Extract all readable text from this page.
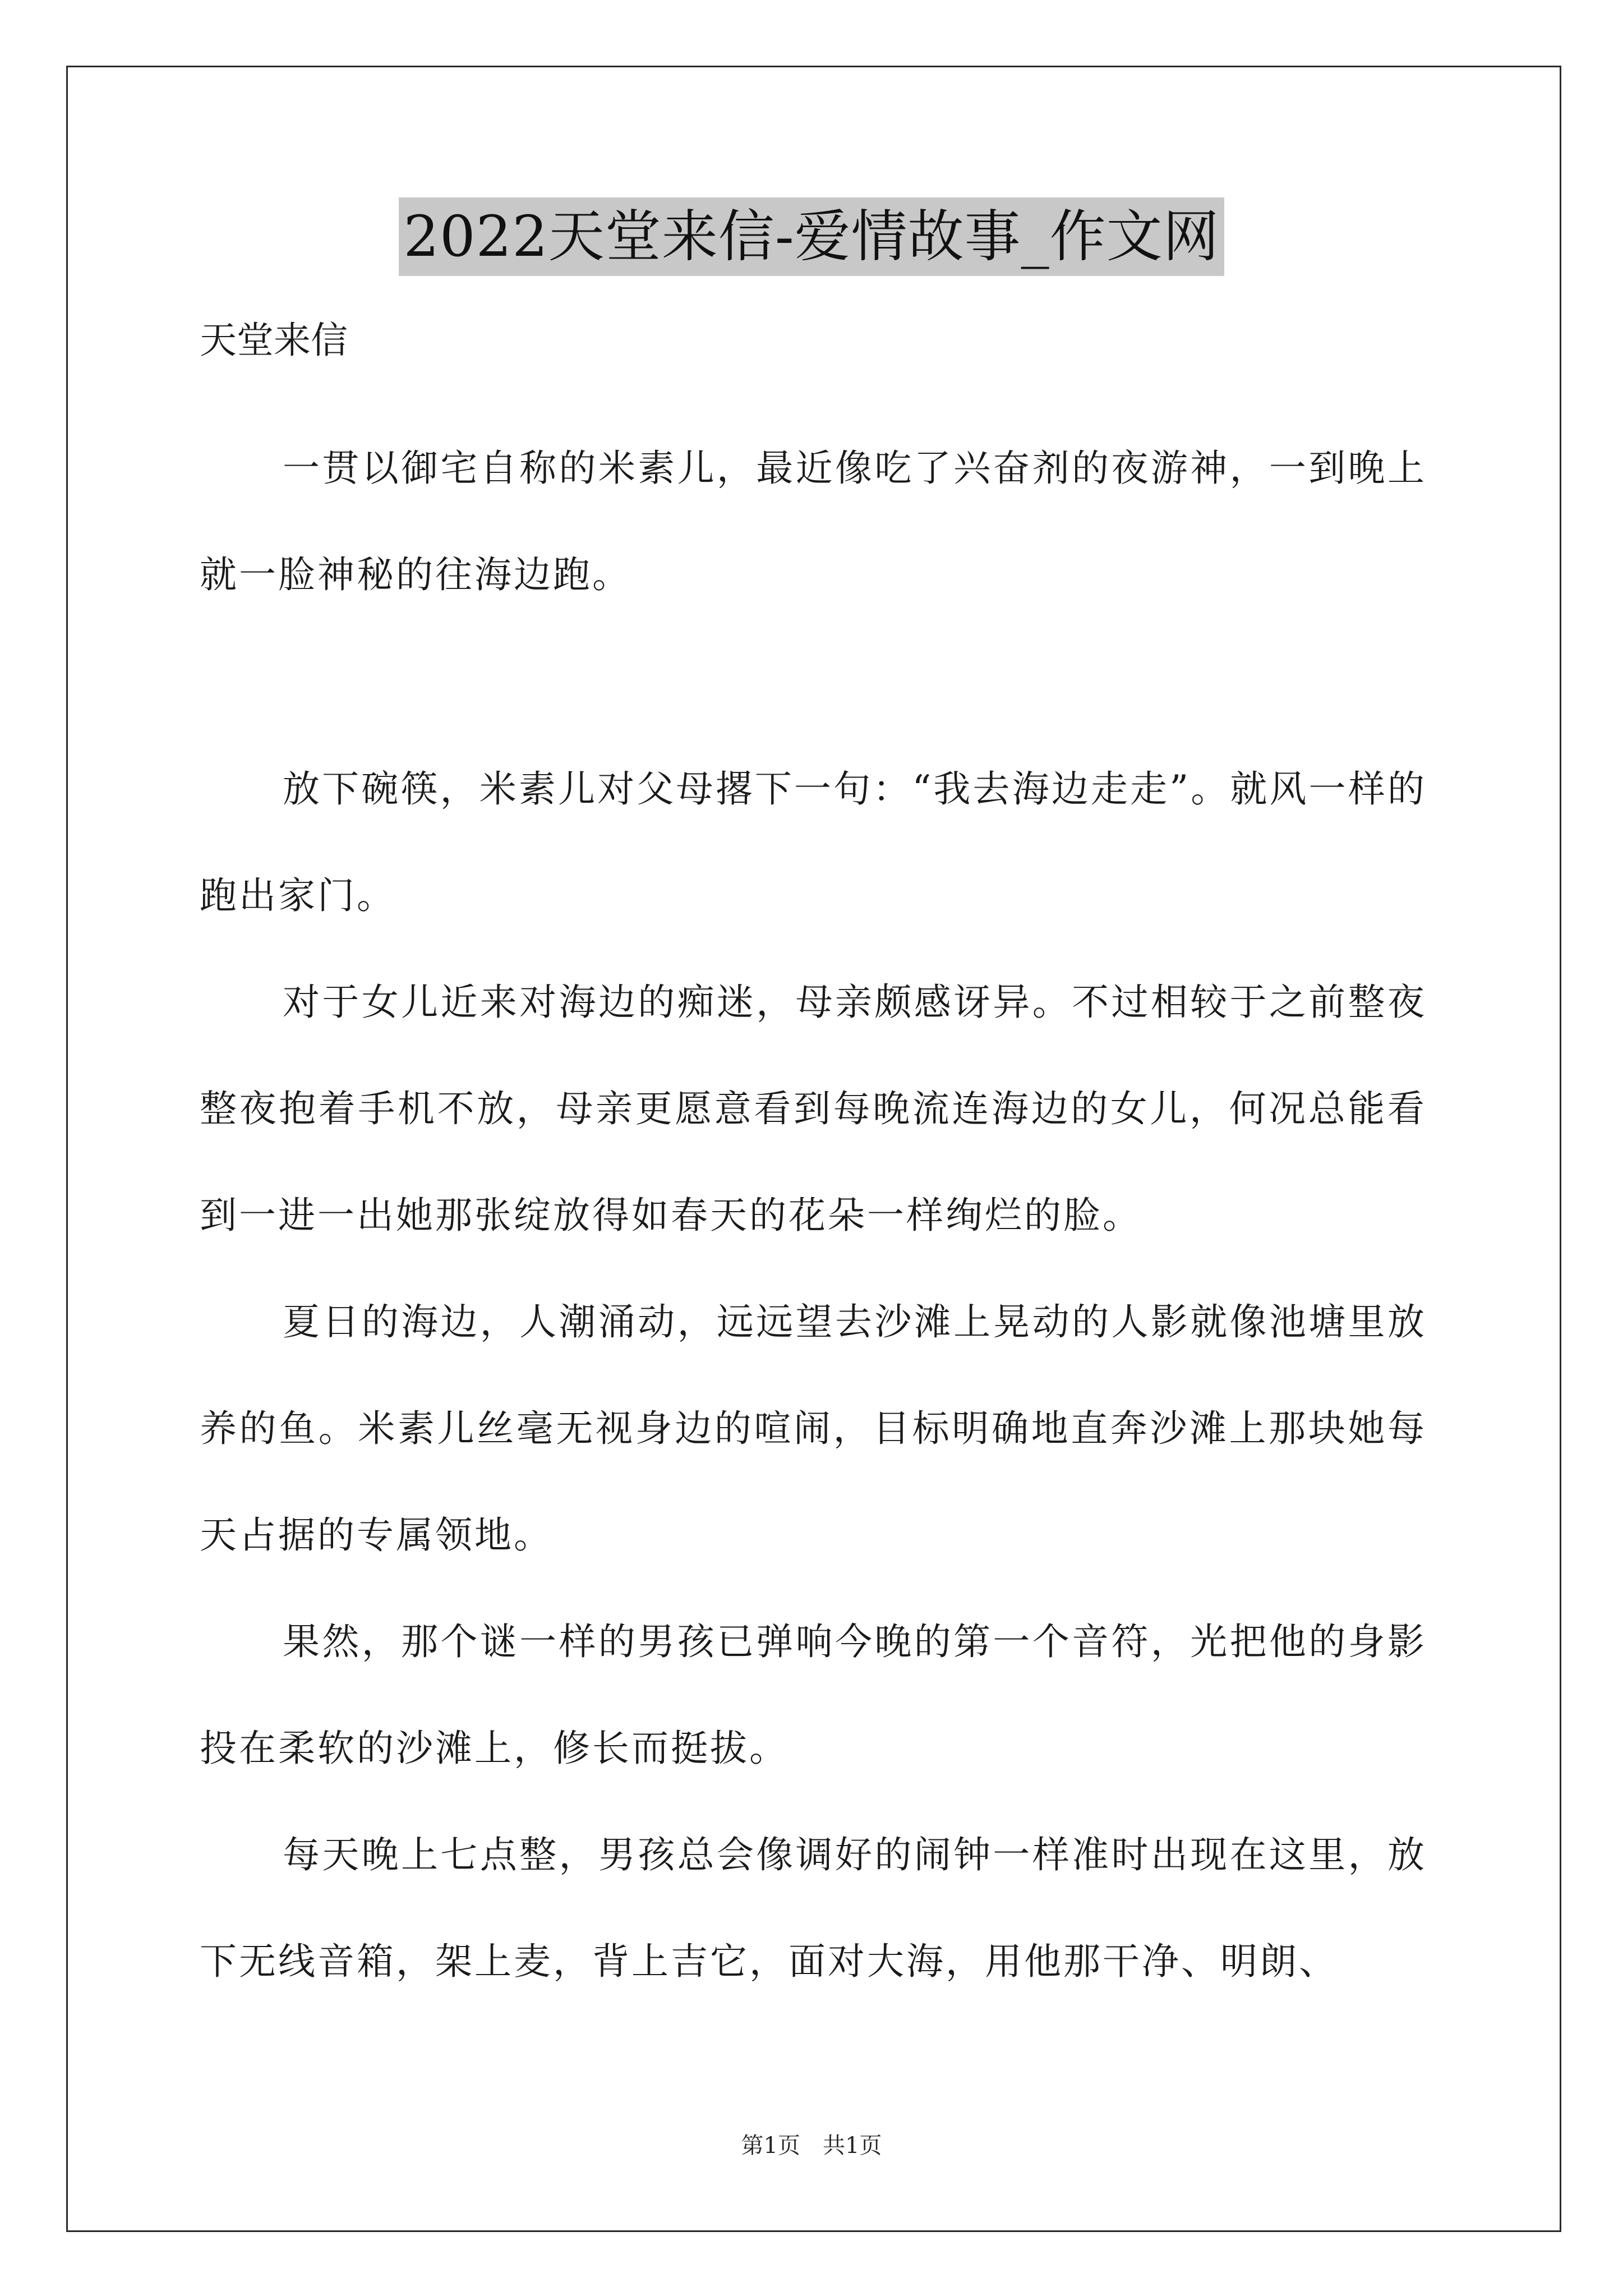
2022天堂来信-爱情故事_作文网

天堂来信

一贯以御宅自称的米素儿，最近像吃了兴奋剂的夜游神，一到晚上就一脸神秘的往海边跑。

放下碗筷，米素儿对父母撂下一句：“我去海边走走”。就风一样的跑出家门。

对于女儿近来对海边的痴迷，母亲颇感讶异。不过相较于之前整夜整夜抱着手机不放，母亲更愿意看到每晚流连海边的女儿，何况总能看到一进一出她那张绽放得如春天的花朵一样绚烂的脸。

夏日的海边，人潮涌动，远远望去沙滩上晃动的人影就像池塘里放养的鱼。米素儿丝毫无视身边的喧闹，目标明确地直奔沙滩上那块她每天占据的专属领地。

果然，那个谜一样的男孩已弹响今晚的第一个音符，光把他的身影投在柔软的沙滩上，修长而挺拔。

每天晚上七点整，男孩总会像调好的闹钟一样准时出现在这里，放下无线音箱，架上麦，背上吉它，面对大海，用他那干净、明朗、

第1页 共1页
